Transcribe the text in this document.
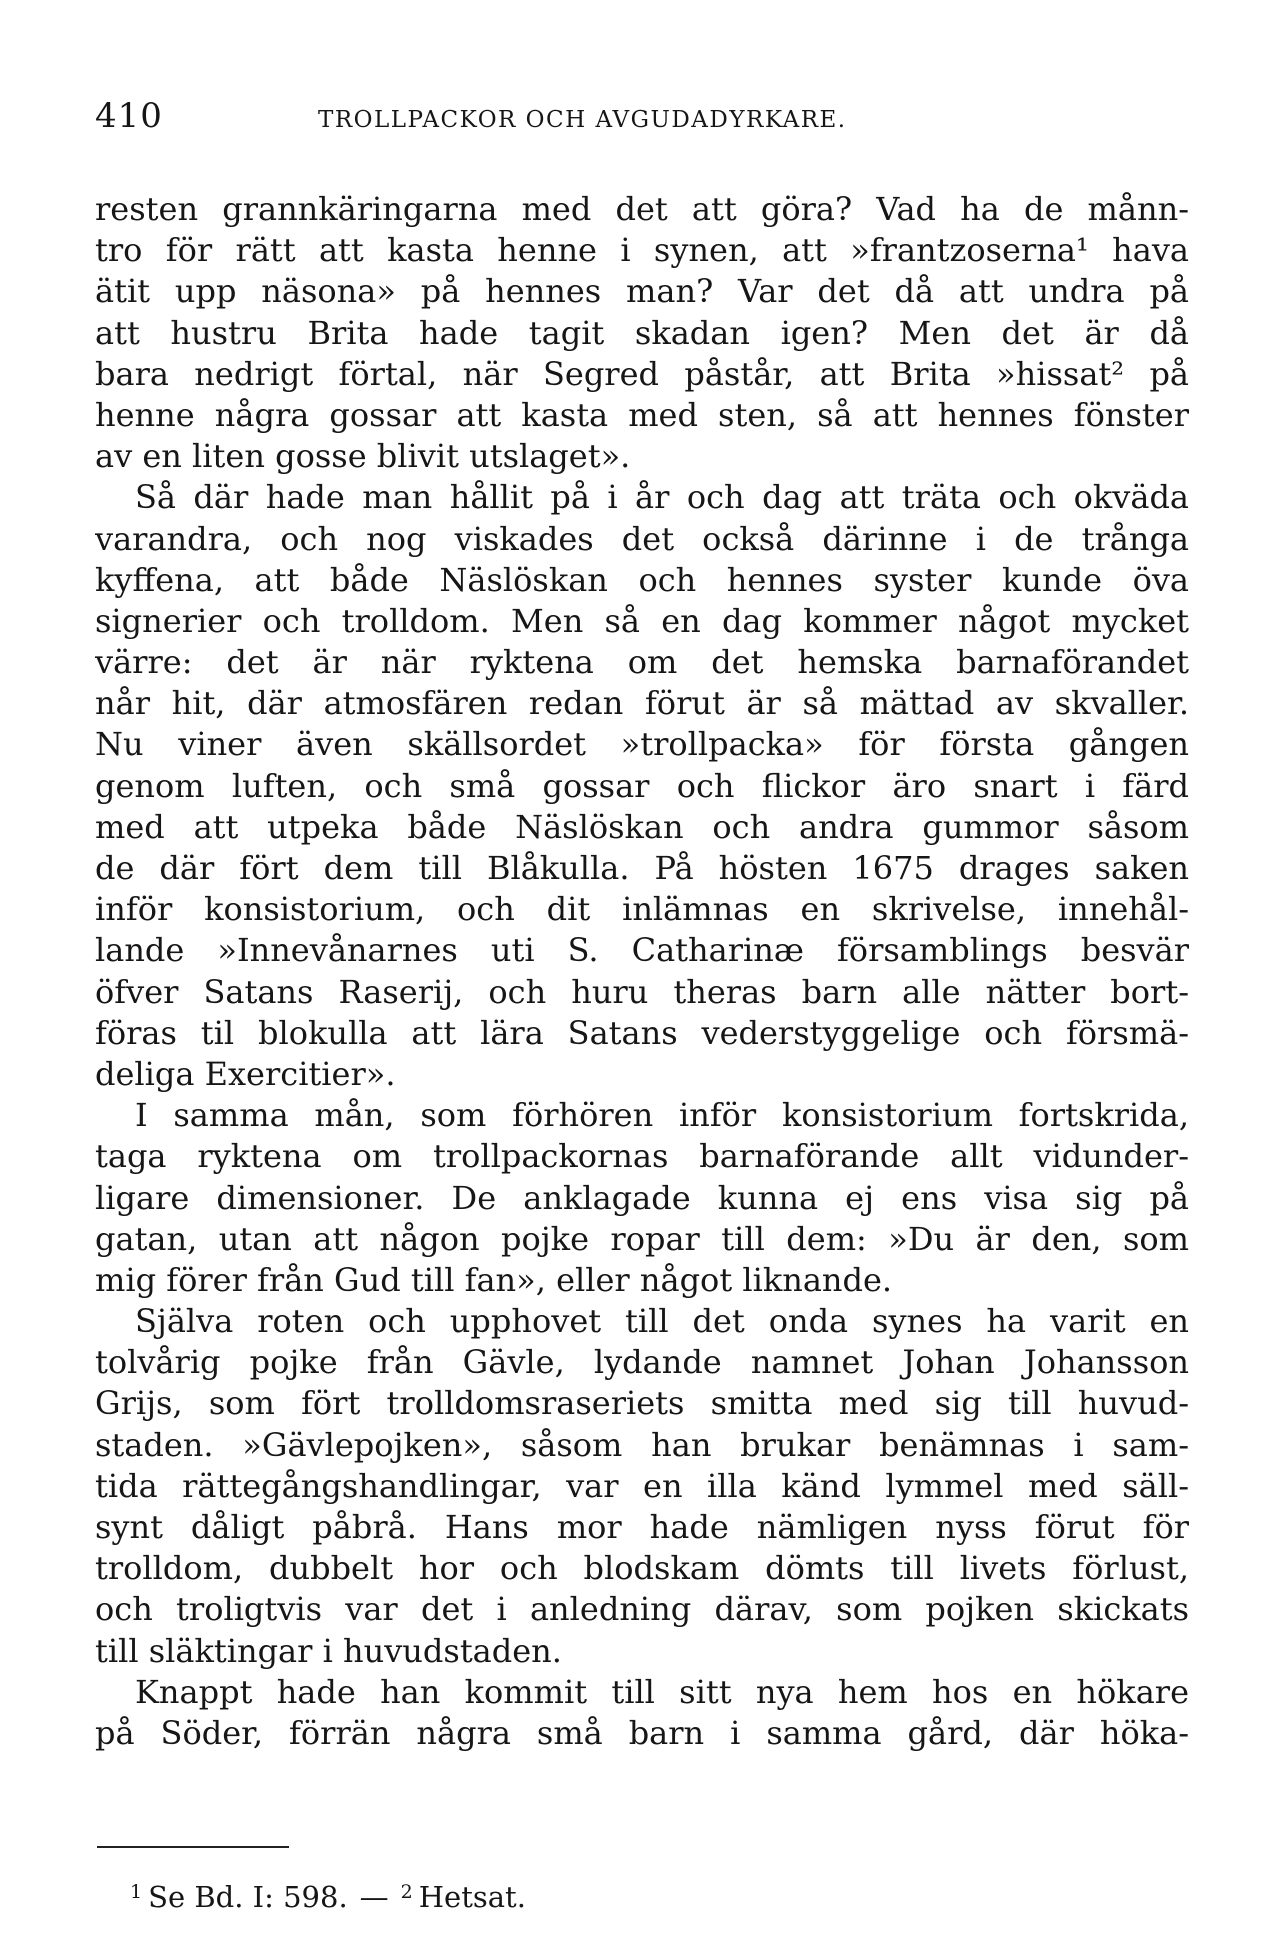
410	TROLLPACKOR OCH AVGUDADYRKARE.
resten grannkäringarna med det att göra? Vad ha de månn-
tro för rätt att kasta henne i synen, att »frantzoserna¹ hava
ätit upp näsona» på hennes man? Var det då att undra på
att hustru Brita hade tagit skadan igen? Men det är då
bara nedrigt förtal, när Segred påstår, att Brita »hissat² på
henne några gossar att kasta med sten, så att hennes fönster
av en liten gosse blivit utslaget».
Så där hade man hållit på i år och dag att träta och okväda
varandra, och nog viskades det också därinne i de trånga
kyffena, att både Näslöskan och hennes syster kunde öva
signerier och trolldom. Men så en dag kommer något mycket
värre: det är när ryktena om det hemska barnaförandet
når hit, där atmosfären redan förut är så mättad av skvaller.
Nu viner även skällsordet »trollpacka» för första gången
genom luften, och små gossar och flickor äro snart i färd
med att utpeka både Näslöskan och andra gummor såsom
de där fört dem till Blåkulla. På hösten 1675 drages saken
inför konsistorium, och dit inlämnas en skrivelse, innehål-
lande »Innevånarnes uti S. Catharinæ församblings besvär
öfver Satans Raserij, och huru theras barn alle nätter bort-
föras til blokulla att lära Satans vederstyggelige och försmä-
deliga Exercitier».
I samma mån, som förhören inför konsistorium fortskrida,
taga ryktena om trollpackornas barnaförande allt vidunder-
ligare dimensioner. De anklagade kunna ej ens visa sig på
gatan, utan att någon pojke ropar till dem: »Du är den, som
mig förer från Gud till fan», eller något liknande.
Själva roten och upphovet till det onda synes ha varit en
tolvårig pojke från Gävle, lydande namnet Johan Johansson
Grijs, som fört trolldomsraseriets smitta med sig till huvud-
staden. »Gävlepojken», såsom han brukar benämnas i sam-
tida rättegångshandlingar, var en illa känd lymmel med säll-
synt dåligt påbrå. Hans mor hade nämligen nyss förut för
trolldom, dubbelt hor och blodskam dömts till livets förlust,
och troligtvis var det i anledning därav, som pojken skickats
till släktingar i huvudstaden.
Knappt hade han kommit till sitt nya hem hos en hökare
på Söder, förrän några små barn i samma gård, där höka-
$^1$ Se Bd. I: 598. — $^2$ Hetsat.
